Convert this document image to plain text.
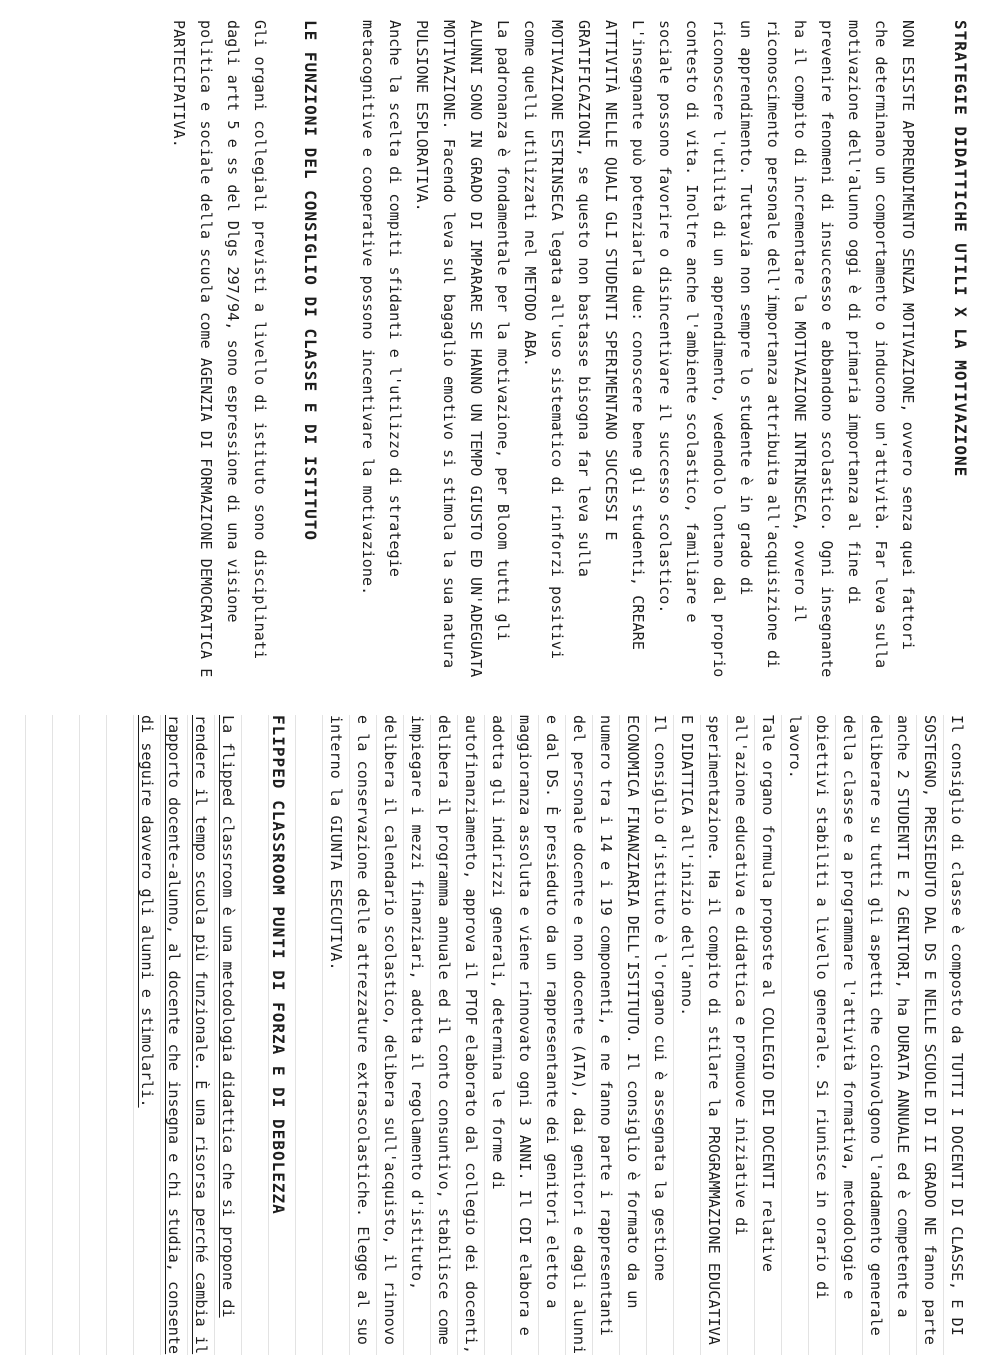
STRATEGIE DIDATTICHE UTILI X LA MOTIVAZIONE

NON ESISTE APPRENDIMENTO SENZA MOTIVAZIONE, ovvero senza quei fattori che determinano un comportamento o inducono un'attività. Far leva sulla motivazione dell'alunno oggi è di primaria importanza al fine di prevenire fenomeni di insuccesso e abbandono scolastico. Ogni insegnante ha il compito di incrementare la MOTIVAZIONE INTRINSECA, ovvero il riconoscimento personale dell'importanza attribuita all'acquisizione di un apprendimento. Tuttavia non sempre lo studente è in grado di riconoscere l'utilità di un apprendimento, vedendolo lontano dal proprio contesto di vita. Inoltre anche l'ambiente scolastico, familiare e sociale possono favorire o disincentivare il successo scolastico. L'insegnante può potenziarla due: conoscere bene gli studenti, CREARE ATTIVITÀ NELLE QUALI GLI STUDENTI SPERIMENTANO SUCCESSI E GRATIFICAZIONI, se questo non bastasse bisogna far leva sulla MOTIVAZIONE ESTRINSECA legata all'uso sistematico di rinforzi positivi come quelli utilizzati nel METODO ABA.

La padronanza è fondamentale per la motivazione, per Bloom tutti gli ALUNNI SONO IN GRADO DI IMPARARE SE HANNO UN TEMPO GIUSTO ED UN'ADEGUATA MOTIVAZIONE. Facendo leva sul bagaglio emotivo si stimola la sua natura PULSIONE ESPLORATIVA.

Anche la scelta di compiti sfidanti e l'utilizzo di strategie metacognitive e cooperative possono incentivare la motivazione.

LE FUNZIONI DEL CONSIGLIO DI CLASSE E DI ISTITUTO

Gli organi collegiali previsti a livello di istituto sono disciplinati dagli artt 5 e ss del Dlgs 297/94, sono espressione di una visione politica e sociale della scuola come AGENZIA DI FORMAZIONE DEMOCRATICA E PARTECIPATIVA.

Il consiglio di classe è composto da TUTTI I DOCENTI DI CLASSE, E DI SOSTEGNO, PRESIEDUTO DAL DS E NELLE SCUOLE DI II GRADO NE fanno parte anche 2 STUDENTI E 2 GENITORI, ha DURATA ANNUALE ed è competente a deliberare su tutti gli aspetti che coinvolgono l'andamento generale della classe e a programmare l'attività formativa, metodologie e obiettivi stabiliti a livello generale. Si riunisce in orario di lavoro.

Tale organo formula proposte al COLLEGIO DEI DOCENTI relative all'azione educativa e didattica e promuove iniziative di sperimentazione. Ha il compito di stilare la PROGRAMMAZIONE EDUCATIVA E DIDATTICA all'inizio dell'anno.

Il consiglio d'istituto è l'organo cui è assegnata la gestione ECONOMICA FINANZIARIA DELL'ISTITUTO. Il consiglio è formato da un numero tra i 14 e i 19 componenti, e ne fanno parte i rappresentanti del personale docente e non docente (ATA), dai genitori e dagli alunni e dal DS. È presieduto da un rappresentante dei genitori eletto a maggioranza assoluta e viene rinnovato ogni 3 ANNI. Il CDI elabora e adotta gli indirizzi generali, determina le forme di autofinanziamento, approva il PTOF elaborato dal collegio dei docenti, delibera il programma annuale ed il conto consuntivo, stabilisce come impiegare i mezzi finanziari, adotta il regolamento d'istituto, delibera il calendario scolastico, delibera sull'acquisto, il rinnovo e la conservazione delle attrezzature extrascolastiche. Elegge al suo interno la GIUNTA ESECUTIVA.

FLIPPED CLASSROOM PUNTI DI FORZA E DI DEBOLEZZA

La flipped classroom è una metodologia didattica che si propone di rendere il tempo scuola più funzionale. È una risorsa perché cambia il rapporto docente-alunno, al docente che insegna e chi studia, consente di seguire davvero gli alunni e stimolarli.
